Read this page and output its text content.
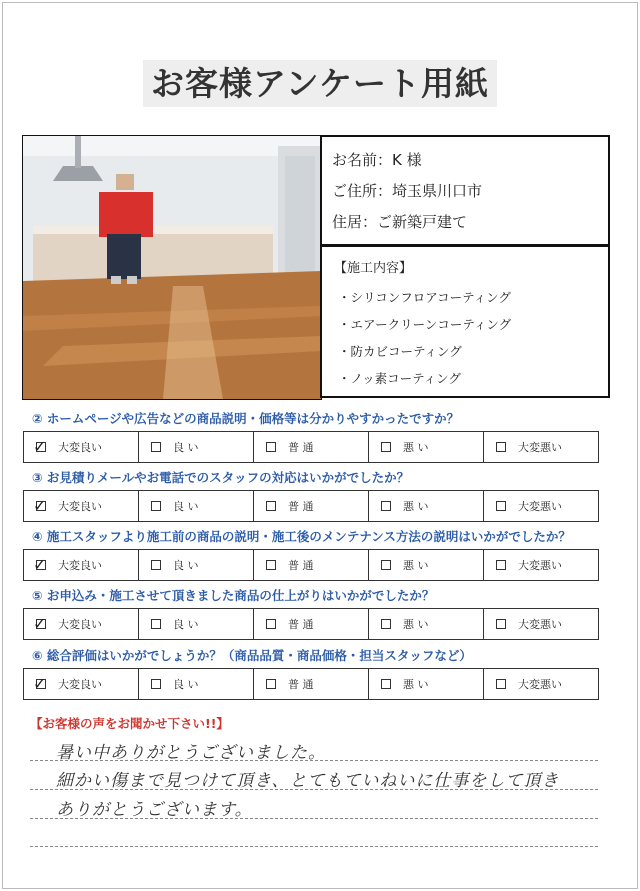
お客様アンケート用紙
お名前：K 様
ご住所：埼玉県川口市
住居：ご新築戸建て
【施工内容】
・シリコンフロアコーティング
・エアークリーンコーティング
・防カビコーティング
・ノッ素コーティング
② ホームページや広告などの商品説明・価格等は分かりやすかったですか？
✓ 大変良い	良 い	普 通	悪 い	大変悪い
③ お見積りメールやお電話でのスタッフの対応はいかがでしたか？
✓ 大変良い	良 い	普 通	悪 い	大変悪い
④ 施工スタッフより施工前の商品の説明・施工後のメンテナンス方法の説明はいかがでしたか？
✓ 大変良い	良 い	普 通	悪 い	大変悪い
⑤ お申込み・施工させて頂きました商品の仕上がりはいかがでしたか？
✓ 大変良い	良 い	普 通	悪 い	大変悪い
⑥ 総合評価はいかがでしょうか？（商品品質・商品価格・担当スタッフなど）
✓ 大変良い	良 い	普 通	悪 い	大変悪い
【お客様の声をお聞かせ下さい!!】
暑い中ありがとうございました。
細かい傷まで見つけて頂き、とてもていねいに仕事をして頂き
ありがとうございます。
